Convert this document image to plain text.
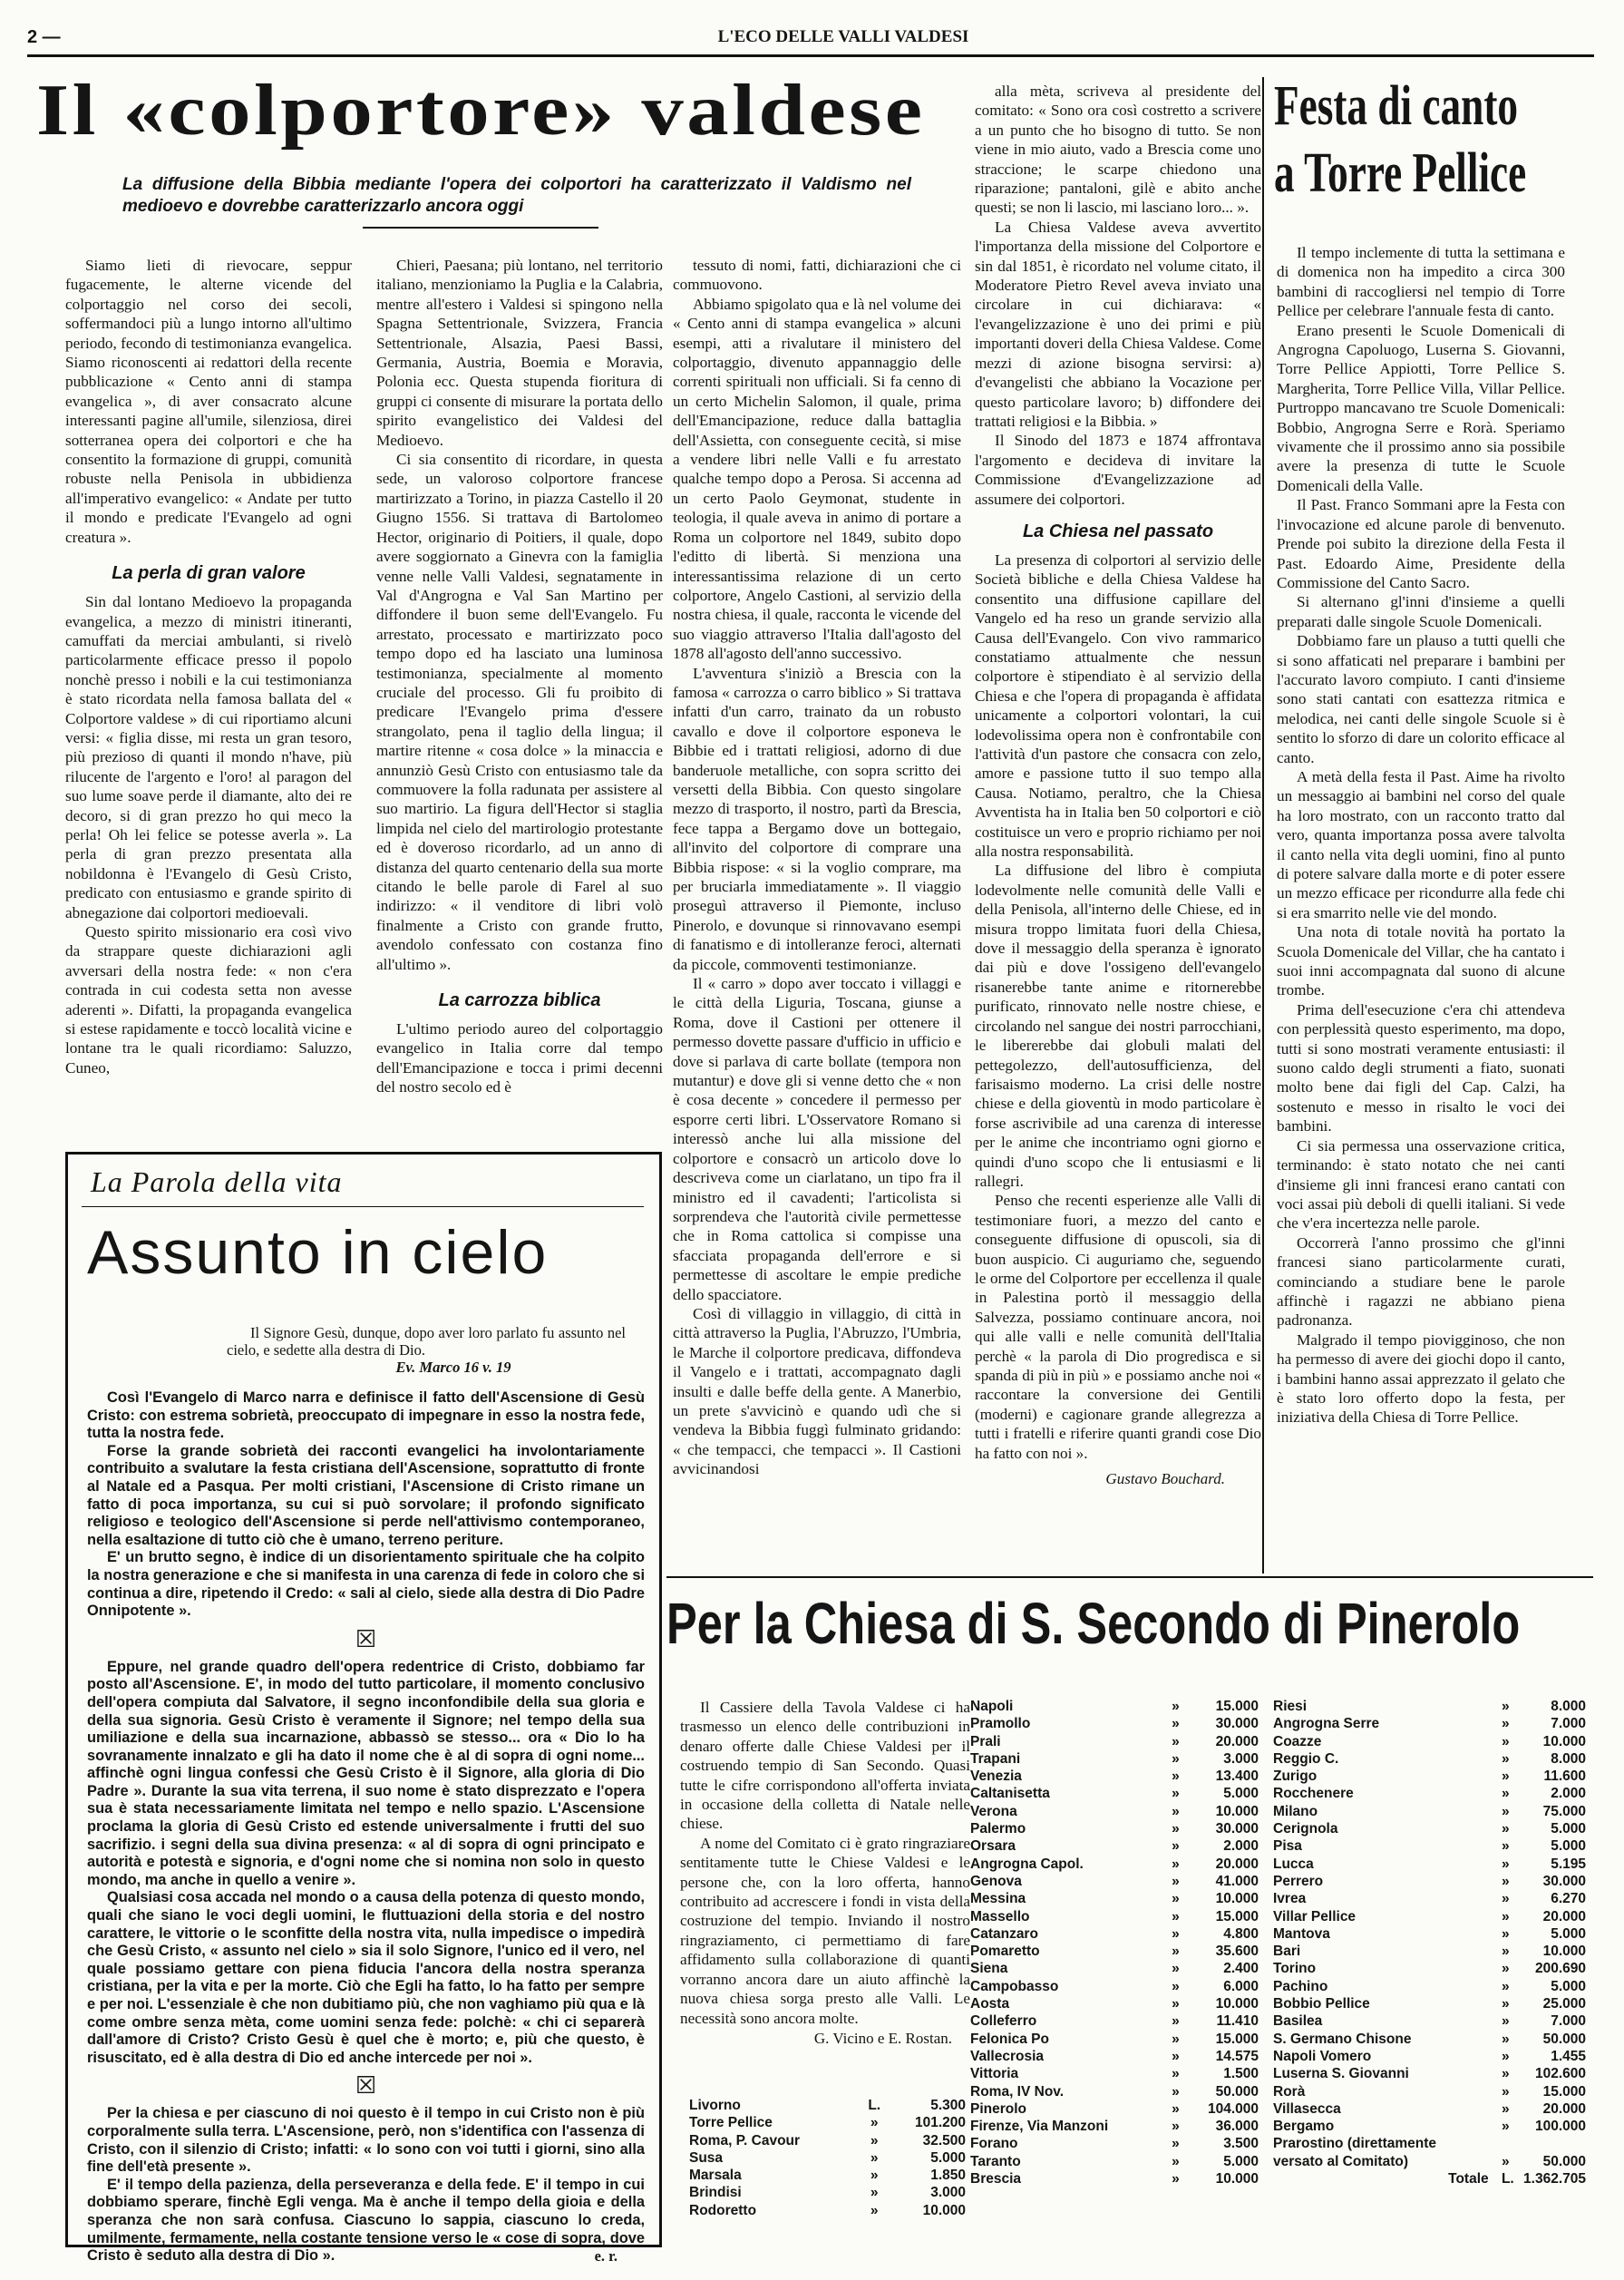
2 —	L'ECO DELLE VALLI VALDESI
Il «colportore» valdese
La diffusione della Bibbia mediante l'opera dei colportori ha caratterizzato il Valdismo nel medioevo e dovrebbe caratterizzarlo ancora oggi

Siamo lieti di rievocare, seppur fugacemente, le alterne vicende del colportaggio nel corso dei secoli, soffermandoci più a lungo intorno all'ultimo periodo, fecondo di testimonianza evangelica. Siamo riconoscenti ai redattori della recente pubblicazione « Cento anni di stampa evangelica », di aver consacrato alcune interessanti pagine all'umile, silenziosa, direi sotterranea opera dei colportori e che ha consentito la formazione di gruppi, comunità robuste nella Penisola in ubbidienza all'imperativo evangelico: « Andate per tutto il mondo e predicate l'Evangelo ad ogni creatura ».

La perla di gran valore

Sin dal lontano Medioevo la propaganda evangelica, a mezzo di ministri itineranti, camuffati da merciai ambulanti, si rivelò particolarmente efficace presso il popolo nonchè presso i nobili e la cui testimonianza è stato ricordata nella famosa ballata del « Colportore valdese » di cui riportiamo alcuni versi: « figlia disse, mi resta un gran tesoro, più prezioso di quanti il mondo n'have, più rilucente de l'argento e l'oro! al paragon del suo lume soave perde il diamante, alto dei re decoro, si di gran prezzo ho qui meco la perla! Oh lei felice se potesse averla ». La perla di gran prezzo presentata alla nobildonna è l'Evangelo di Gesù Cristo, predicato con entusiasmo e grande spirito di abnegazione dai colportori medioevali.

Questo spirito missionario era così vivo da strappare queste dichiarazioni agli avversari della nostra fede: « non c'era contrada in cui codesta setta non avesse aderenti ». Difatti, la propaganda evangelica si estese rapidamente e toccò località vicine e lontane tra le quali ricordiamo: Saluzzo, Cuneo,

Chieri, Paesana; più lontano, nel territorio italiano, menzioniamo la Puglia e la Calabria, mentre all'estero i Valdesi si spingono nella Spagna Settentrionale, Svizzera, Francia Settentrionale, Alsazia, Paesi Bassi, Germania, Austria, Boemia e Moravia, Polonia ecc. Questa stupenda fioritura di gruppi ci consente di misurare la portata dello spirito evangelistico dei Valdesi del Medioevo.

Ci sia consentito di ricordare, in questa sede, un valoroso colportore francese martirizzato a Torino, in piazza Castello il 20 Giugno 1556. Si trattava di Bartolomeo Hector, originario di Poitiers, il quale, dopo avere soggiornato a Ginevra con la famiglia venne nelle Valli Valdesi, segnatamente in Val d'Angrogna e Val San Martino per diffondere il buon seme dell'Evangelo. Fu arrestato, processato e martirizzato poco tempo dopo ed ha lasciato una luminosa testimonianza, specialmente al momento cruciale del processo. Gli fu proibito di predicare l'Evangelo prima d'essere strangolato, pena il taglio della lingua; il martire ritenne « cosa dolce » la minaccia e annunziò Gesù Cristo con entusiasmo tale da commuovere la folla radunata per assistere al suo martirio. La figura dell'Hector si staglia limpida nel cielo del martirologio protestante ed è doveroso ricordarlo, ad un anno di distanza del quarto centenario della sua morte citando le belle parole di Farel al suo indirizzo: « il venditore di libri volò finalmente a Cristo con grande frutto, avendolo confessato con costanza fino all'ultimo ».

La carrozza biblica

L'ultimo periodo aureo del colportaggio evangelico in Italia corre dal tempo dell'Emancipazione e tocca i primi decenni del nostro secolo ed è

tessuto di nomi, fatti, dichiarazioni che ci commuovono.

Abbiamo spigolato qua e là nel volume dei « Cento anni di stampa evangelica » alcuni esempi, atti a rivalutare il ministero del colportaggio, divenuto appannaggio delle correnti spirituali non ufficiali. Si fa cenno di un certo Michelin Salomon, il quale, prima dell'Emancipazione, reduce dalla battaglia dell'Assietta, con conseguente cecità, si mise a vendere libri nelle Valli e fu arrestato qualche tempo dopo a Perosa. Si accenna ad un certo Paolo Geymonat, studente in teologia, il quale aveva in animo di portare a Roma un colportore nel 1849, subito dopo l'editto di libertà. Si menziona una interessantissima relazione di un certo colportore, Angelo Castioni, al servizio della nostra chiesa, il quale, racconta le vicende del suo viaggio attraverso l'Italia dall'agosto del 1878 all'agosto dell'anno successivo.

L'avventura s'iniziò a Brescia con la famosa « carrozza o carro biblico » Si trattava infatti d'un carro, trainato da un robusto cavallo e dove il colportore esponeva le Bibbie ed i trattati religiosi, adorno di due banderuole metalliche, con sopra scritto dei versetti della Bibbia. Con questo singolare mezzo di trasporto, il nostro, partì da Brescia, fece tappa a Bergamo dove un bottegaio, all'invito del colportore di comprare una Bibbia rispose: « si la voglio comprare, ma per bruciarla immediatamente ». Il viaggio proseguì attraverso il Piemonte, incluso Pinerolo, e dovunque si rinnovavano esempi di fanatismo e di intolleranze feroci, alternati da piccole, commoventi testimonianze.

Il « carro » dopo aver toccato i villaggi e le città della Liguria, Toscana, giunse a Roma, dove il Castioni per ottenere il permesso dovette passare d'ufficio in ufficio e dove si parlava di carte bollate (tempora non mutantur) e dove gli si venne detto che « non è cosa decente » concedere il permesso per esporre certi libri. L'Osservatore Romano si interessò anche lui alla missione del colportore e consacrò un articolo dove lo descriveva come un ciarlatano, un tipo fra il ministro ed il cavadenti; l'articolista si sorprendeva che l'autorità civile permettesse che in Roma cattolica si compisse una sfacciata propaganda dell'errore e si permettesse di ascoltare le empie prediche dello spacciatore.

Così di villaggio in villaggio, di città in città attraverso la Puglia, l'Abruzzo, l'Umbria, le Marche il colportore predicava, diffondeva il Vangelo e i trattati, accompagnato dagli insulti e dalle beffe della gente. A Manerbio, un prete s'avvicinò e quando udì che si vendeva la Bibbia fuggì fulminato gridando: « che tempacci, che tempacci ». Il Castioni avvicinandosi

alla mèta, scriveva al presidente del comitato: « Sono ora così costretto a scrivere a un punto che ho bisogno di tutto. Se non viene in mio aiuto, vado a Brescia come uno straccione; le scarpe chiedono una riparazione; pantaloni, gilè e abito anche questi; se non li lascio, mi lasciano loro... ».

La Chiesa Valdese aveva avvertito l'importanza della missione del Colportore e sin dal 1851, è ricordato nel volume citato, il Moderatore Pietro Revel aveva inviato una circolare in cui dichiarava: « l'evangelizzazione è uno dei primi e più importanti doveri della Chiesa Valdese. Come mezzi di azione bisogna servirsi: a) d'evangelisti che abbiano la Vocazione per questo particolare lavoro; b) diffondere dei trattati religiosi e la Bibbia. »

Il Sinodo del 1873 e 1874 affrontava l'argomento e decideva di invitare la Commissione d'Evangelizzazione ad assumere dei colportori.

La Chiesa nel passato

La presenza di colportori al servizio delle Società bibliche e della Chiesa Valdese ha consentito una diffusione capillare del Vangelo ed ha reso un grande servizio alla Causa dell'Evangelo. Con vivo rammarico constatiamo attualmente che nessun colportore è stipendiato è al servizio della Chiesa e che l'opera di propaganda è affidata unicamente a colportori volontari, la cui lodevolissima opera non è confrontabile con l'attività d'un pastore che consacra con zelo, amore e passione tutto il suo tempo alla Causa. Notiamo, peraltro, che la Chiesa Avventista ha in Italia ben 50 colportori e ciò costituisce un vero e proprio richiamo per noi alla nostra responsabilità.

La diffusione del libro è compiuta lodevolmente nelle comunità delle Valli e della Penisola, all'interno delle Chiese, ed in misura troppo limitata fuori della Chiesa, dove il messaggio della speranza è ignorato dai più e dove l'ossigeno dell'evangelo risanerebbe tante anime e ritornerebbe purificato, rinnovato nelle nostre chiese, e circolando nel sangue dei nostri parrocchiani, le libererebbe dai globuli malati del pettegolezzo, dell'autosufficienza, del farisaismo moderno. La crisi delle nostre chiese e della gioventù in modo particolare è forse ascrivibile ad una carenza di interesse per le anime che incontriamo ogni giorno e quindi d'uno scopo che li entusiasmi e li rallegri.

Penso che recenti esperienze alle Valli di testimoniare fuori, a mezzo del canto e conseguente diffusione di opuscoli, sia di buon auspicio. Ci auguriamo che, seguendo le orme del Colportore per eccellenza il quale in Palestina portò il messaggio della Salvezza, possiamo continuare ancora, noi qui alle valli e nelle comunità dell'Italia perchè « la parola di Dio progredisca e si spanda di più in più » e possiamo anche noi « raccontare la conversione dei Gentili (moderni) e cagionare grande allegrezza a tutti i fratelli e riferire quanti grandi cose Dio ha fatto con noi ».

Gustavo Bouchard.
Festa di canto
a Torre Pellice

Il tempo inclemente di tutta la settimana e di domenica non ha impedito a circa 300 bambini di raccogliersi nel tempio di Torre Pellice per celebrare l'annuale festa di canto.

Erano presenti le Scuole Domenicali di Angrogna Capoluogo, Luserna S. Giovanni, Torre Pellice Appiotti, Torre Pellice S. Margherita, Torre Pellice Villa, Villar Pellice. Purtroppo mancavano tre Scuole Domenicali: Bobbio, Angrogna Serre e Rorà. Speriamo vivamente che il prossimo anno sia possibile avere la presenza di tutte le Scuole Domenicali della Valle.

Il Past. Franco Sommani apre la Festa con l'invocazione ed alcune parole di benvenuto. Prende poi subito la direzione della Festa il Past. Edoardo Aime, Presidente della Commissione del Canto Sacro.

Si alternano gl'inni d'insieme a quelli preparati dalle singole Scuole Domenicali.

Dobbiamo fare un plauso a tutti quelli che si sono affaticati nel preparare i bambini per l'accurato lavoro compiuto. I canti d'insieme sono stati cantati con esattezza ritmica e melodica, nei canti delle singole Scuole si è sentito lo sforzo di dare un colorito efficace al canto.

A metà della festa il Past. Aime ha rivolto un messaggio ai bambini nel corso del quale ha loro mostrato, con un racconto tratto dal vero, quanta importanza possa avere talvolta il canto nella vita degli uomini, fino al punto di potere salvare dalla morte e di poter essere un mezzo efficace per ricondurre alla fede chi si era smarrito nelle vie del mondo.

Una nota di totale novità ha portato la Scuola Domenicale del Villar, che ha cantato i suoi inni accompagnata dal suono di alcune trombe.

Prima dell'esecuzione c'era chi attendeva con perplessità questo esperimento, ma dopo, tutti si sono mostrati veramente entusiasti: il suono caldo degli strumenti a fiato, suonati molto bene dai figli del Cap. Calzi, ha sostenuto e messo in risalto le voci dei bambini.

Ci sia permessa una osservazione critica, terminando: è stato notato che nei canti d'insieme gli inni francesi erano cantati con voci assai più deboli di quelli italiani. Si vede che v'era incertezza nelle parole.

Occorrerà l'anno prossimo che gl'inni francesi siano particolarmente curati, cominciando a studiare bene le parole affinchè i ragazzi ne abbiano piena padronanza.

Malgrado il tempo piovigginoso, che non ha permesso di avere dei giochi dopo il canto, i bambini hanno assai apprezzato il gelato che è stato loro offerto dopo la festa, per iniziativa della Chiesa di Torre Pellice.

La Parola della vita
Assunto in cielo
Il Signore Gesù, dunque, dopo aver loro parlato fu assunto nel cielo, e sedette alla destra di Dio.
Ev. Marco 16 v. 19

Così l'Evangelo di Marco narra e definisce il fatto dell'Ascensione di Gesù Cristo: con estrema sobrietà, preoccupato di impegnare in esso la nostra fede, tutta la nostra fede.

Forse la grande sobrietà dei racconti evangelici ha involontariamente contribuito a svalutare la festa cristiana dell'Ascensione, soprattutto di fronte al Natale ed a Pasqua. Per molti cristiani, l'Ascensione di Cristo rimane un fatto di poca importanza, su cui si può sorvolare; il profondo significato religioso e teologico dell'Ascensione si perde nell'attivismo contemporaneo, nella esaltazione di tutto ciò che è umano, terreno periture.

E' un brutto segno, è indice di un disorientamento spirituale che ha colpito la nostra generazione e che si manifesta in una carenza di fede in coloro che si continua a dire, ripetendo il Credo: « sali al cielo, siede alla destra di Dio Padre Onnipotente ».

☒

Eppure, nel grande quadro dell'opera redentrice di Cristo, dobbiamo far posto all'Ascensione. E', in modo del tutto particolare, il momento conclusivo dell'opera compiuta dal Salvatore, il segno inconfondibile della sua gloria e della sua signoria. Gesù Cristo è veramente il Signore; nel tempo della sua umiliazione e della sua incarnazione, abbassò se stesso... ora « Dio lo ha sovranamente innalzato e gli ha dato il nome che è al di sopra di ogni nome... affinchè ogni lingua confessi che Gesù Cristo è il Signore, alla gloria di Dio Padre ». Durante la sua vita terrena, il suo nome è stato disprezzato e l'opera sua è stata necessariamente limitata nel tempo e nello spazio. L'Ascensione proclama la gloria di Gesù Cristo ed estende universalmente i frutti del suo sacrifizio. i segni della sua divina presenza: « al di sopra di ogni principato e autorità e potestà e signoria, e d'ogni nome che si nomina non solo in questo mondo, ma anche in quello a venire ».

Qualsiasi cosa accada nel mondo o a causa della potenza di questo mondo, quali che siano le voci degli uomini, le fluttuazioni della storia e del nostro carattere, le vittorie o le sconfitte della nostra vita, nulla impedisce o impedirà che Gesù Cristo, « assunto nel cielo » sia il solo Signore, l'unico ed il vero, nel quale possiamo gettare con piena fiducia l'ancora della nostra speranza cristiana, per la vita e per la morte. Ciò che Egli ha fatto, lo ha fatto per sempre e per noi. L'essenziale è che non dubitiamo più, che non vaghiamo più qua e là come ombre senza mèta, come uomini senza fede: polchè: « chi ci separerà dall'amore di Cristo? Cristo Gesù è quel che è morto; e, più che questo, è risuscitato, ed è alla destra di Dio ed anche intercede per noi ».

☒

Per la chiesa e per ciascuno di noi questo è il tempo in cui Cristo non è più corporalmente sulla terra. L'Ascensione, però, non s'identifica con l'assenza di Cristo, con il silenzio di Cristo; infatti: « Io sono con voi tutti i giorni, sino alla fine dell'età presente ».

E' il tempo della pazienza, della perseveranza e della fede. E' il tempo in cui dobbiamo sperare, finchè Egli venga. Ma è anche il tempo della gioia e della speranza che non sarà confusa. Ciascuno lo sappia, ciascuno lo creda, umilmente, fermamente, nella costante tensione verso le « cose di sopra, dove Cristo è seduto alla destra di Dio ».	e. r.
Per la Chiesa di S. Secondo di Pinerolo

Il Cassiere della Tavola Valdese ci ha trasmesso un elenco delle contribuzioni in denaro offerte dalle Chiese Valdesi per il costruendo tempio di San Secondo. Quasi tutte le cifre corrispondono all'offerta inviata in occasione della colletta di Natale nelle chiese.

A nome del Comitato ci è grato ringraziare sentitamente tutte le Chiese Valdesi e le persone che, con la loro offerta, hanno contribuito ad accrescere i fondi in vista della costruzione del tempio. Inviando il nostro ringraziamento, ci permettiamo di fare affidamento sulla collaborazione di quanti vorranno ancora dare un aiuto affinchè la nuova chiesa sorga presto alle Valli. Le necessità sono ancora molte.

G. Vicino e E. Rostan.
Livorno	L.	5.300
Torre Pellice	»	101.200
Roma, P. Cavour	»	32.500
Susa	»	5.000
Marsala	»	1.850
Brindisi	»	3.000
Rodoretto	»	10.000
Napoli	»	15.000
Pramollo	»	30.000
Prali	»	20.000
Trapani	»	3.000
Venezia	»	13.400
Caltanisetta	»	5.000
Verona	»	10.000
Palermo	»	30.000
Orsara	»	2.000
Angrogna Capol.	»	20.000
Genova	»	41.000
Messina	»	10.000
Massello	»	15.000
Catanzaro	»	4.800
Pomaretto	»	35.600
Siena	»	2.400
Campobasso	»	6.000
Aosta	»	10.000
Colleferro	»	11.410
Felonica Po	»	15.000
Vallecrosia	»	14.575
Vittoria	»	1.500
Roma, IV Nov.	»	50.000
Pinerolo	»	104.000
Firenze, Via Manzoni	»	36.000
Forano	»	3.500
Taranto	»	5.000
Brescia	»	10.000
Riesi	»	8.000
Angrogna Serre	»	7.000
Coazze	»	10.000
Reggio C.	»	8.000
Zurigo	»	11.600
Rocchenere	»	2.000
Milano	»	75.000
Cerignola	»	5.000
Pisa	»	5.000
Lucca	»	5.195
Perrero	»	30.000
Ivrea	»	6.270
Villar Pellice	»	20.000
Mantova	»	5.000
Bari	»	10.000
Torino	»	200.690
Pachino	»	5.000
Bobbio Pellice	»	25.000
Basilea	»	7.000
S. Germano Chisone	»	50.000
Napoli Vomero	»	1.455
Luserna S. Giovanni	»	102.600
Rorà	»	15.000
Villasecca	»	20.000
Bergamo	»	100.000
Prarostino (direttamente		
versato al Comitato)	»	50.000
Totale L. 1.362.705
